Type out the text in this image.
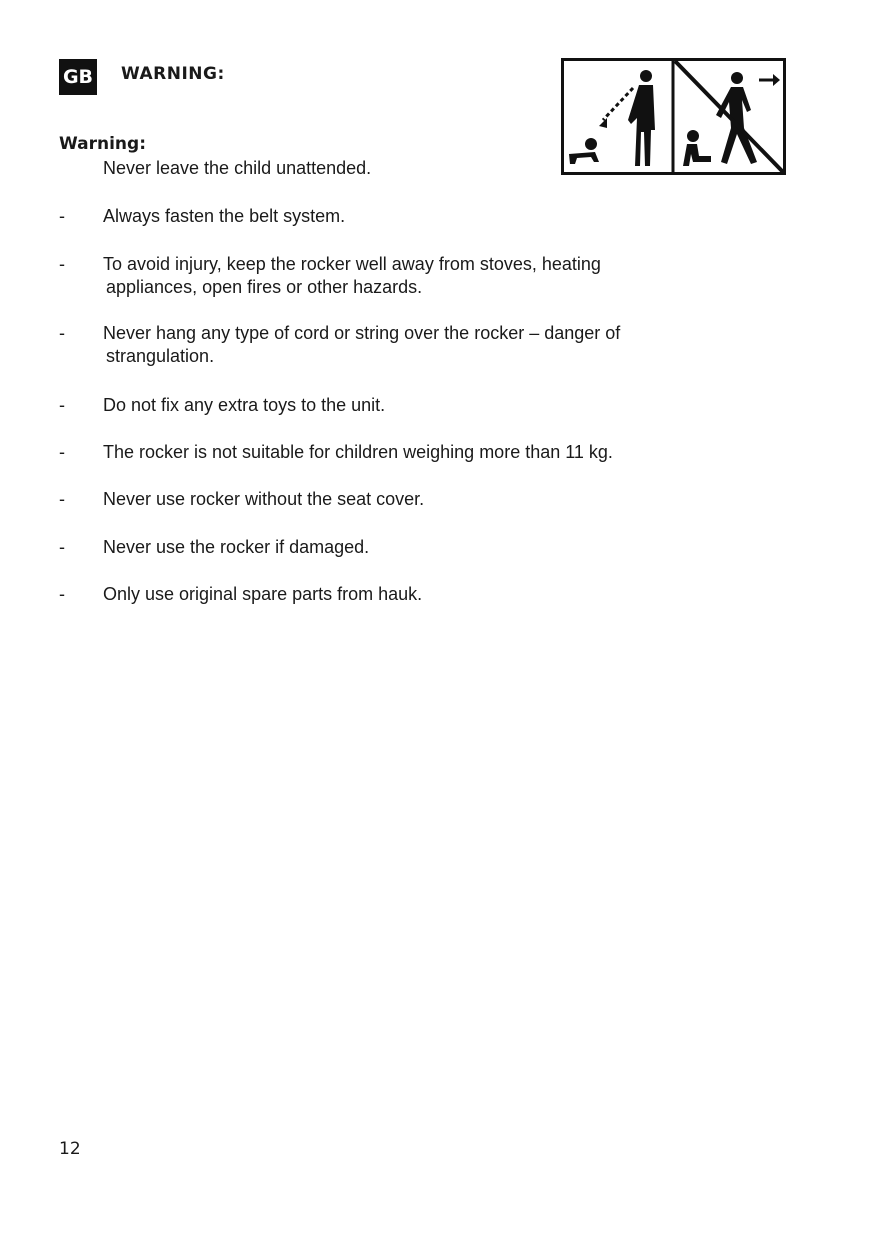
GB WARNING:
Warning:
Never leave the child unattended.
- Always fasten the belt system.
- To avoid injury, keep the rocker well away from stoves, heating
appliances, open fires or other hazards.
- Never hang any type of cord or string over the rocker – danger of
strangulation.
- Do not fix any extra toys to the unit.
- The rocker is not suitable for children weighing more than 11 kg.
- Never use rocker without the seat cover.
- Never use the rocker if damaged.
- Only use original spare parts from hauk.
12
